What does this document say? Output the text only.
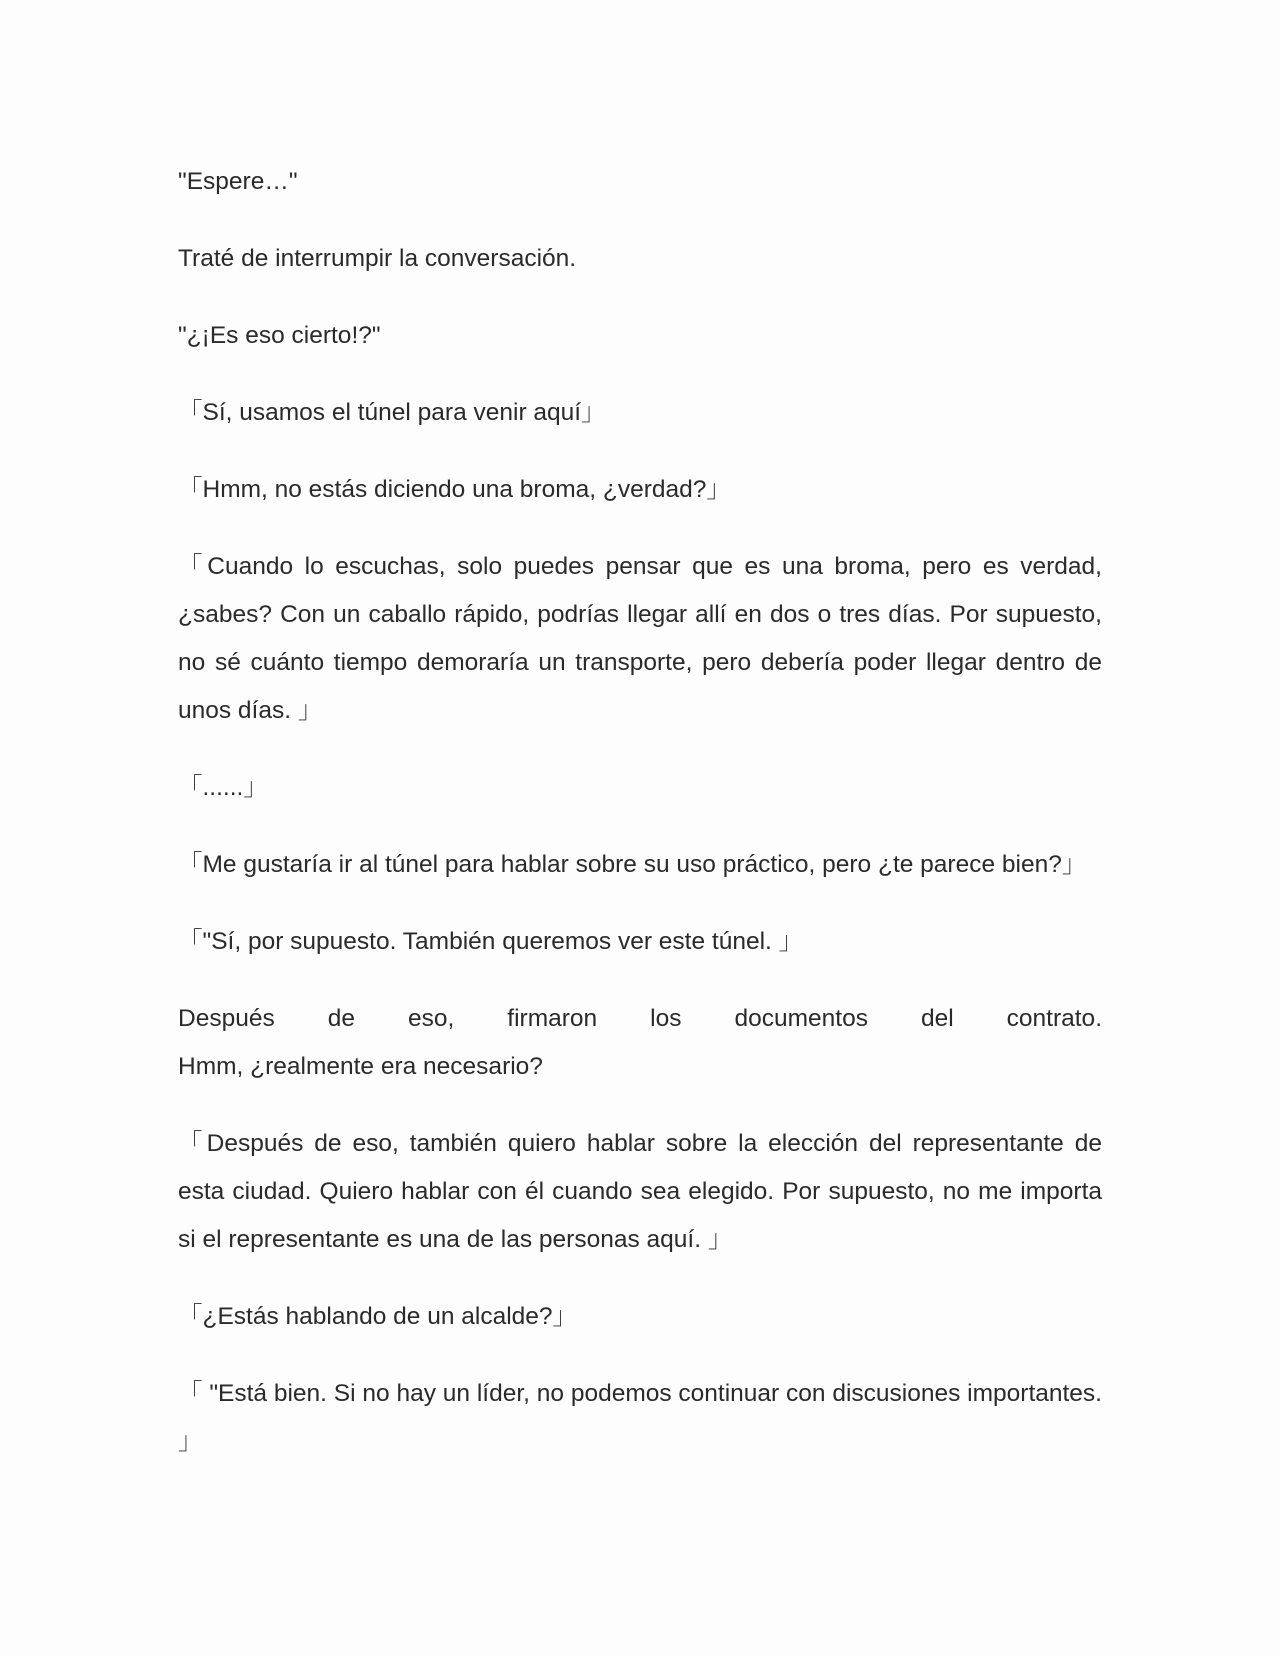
"Espere…"

Traté de interrumpir la conversación.

"¿¡Es eso cierto!?"

「Sí, usamos el túnel para venir aquí」

「Hmm, no estás diciendo una broma, ¿verdad?」

「Cuando lo escuchas, solo puedes pensar que es una broma, pero es verdad, ¿sabes? Con un caballo rápido, podrías llegar allí en dos o tres días. Por supuesto, no sé cuánto tiempo demoraría un transporte, pero debería poder llegar dentro de unos días. 」

「......」

「Me gustaría ir al túnel para hablar sobre su uso práctico, pero ¿te parece bien?」

「"Sí, por supuesto. También queremos ver este túnel. 」

Después de eso, firmaron los documentos del contrato.

Hmm, ¿realmente era necesario?

「Después de eso, también quiero hablar sobre la elección del representante de esta ciudad. Quiero hablar con él cuando sea elegido. Por supuesto, no me importa si el representante es una de las personas aquí. 」

「¿Estás hablando de un alcalde?」

「 "Está bien. Si no hay un líder, no podemos continuar con discusiones importantes. 」
